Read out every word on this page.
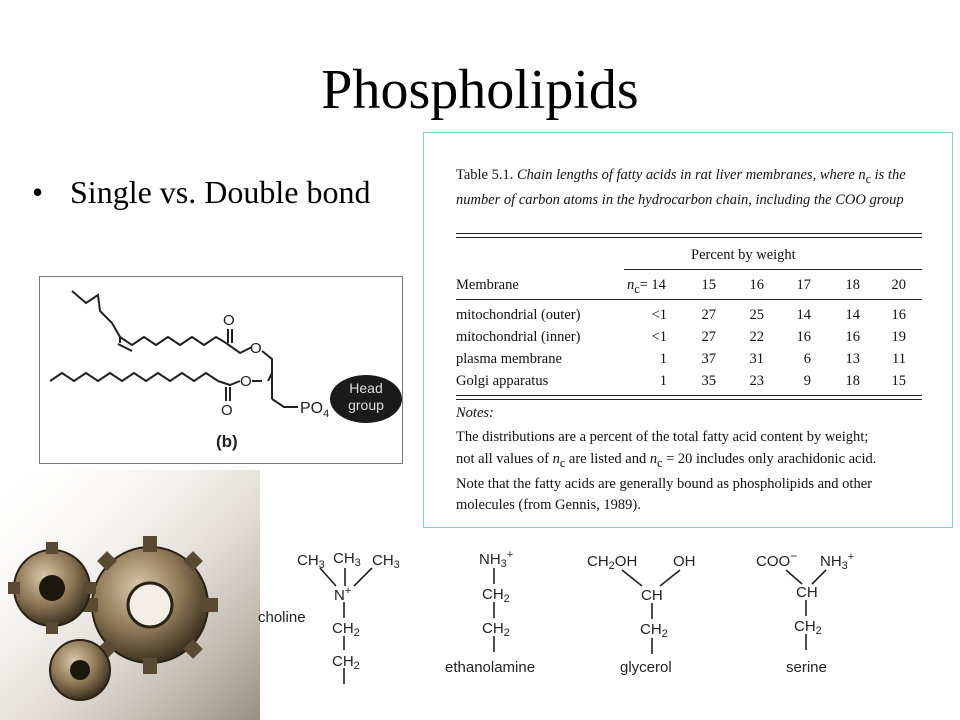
Phospholipids
• Single vs. Double bond
O
O
O
O	$PO_4$
Head
group
(b)
Table 5.1. Chain lengths of fatty acids in rat liver membranes, where $n_c$ is the number of carbon atoms in the hydrocarbon chain, including the COO group
Percent by weight
Membrane	$n_c= 14$	15	16	17	18	20
mitochondrial (outer)	<1	27	25	14	14	16
mitochondrial (inner)	<1	27	22	16	16	19
plasma membrane	1	37	31	6	13	11
Golgi apparatus	1	35	23	9	18	15
Notes:
The distributions are a percent of the total fatty acid content by weight;
not all values of $n_c$ are listed and $n_c = 20$ includes only arachidonic acid.
Note that the fatty acids are generally bound as phospholipids and other
molecules (from Gennis, 1989).
$CH_3$ $CH_3$ $CH_3$
N+
choline
$CH_2$
$CH_2$
$NH_3^+$
$CH_2$
$CH_2$
ethanolamine
$CH_2OH$ OH
CH
$CH_2$
glycerol
COO− $NH_3^+$
CH
$CH_2$
serine
